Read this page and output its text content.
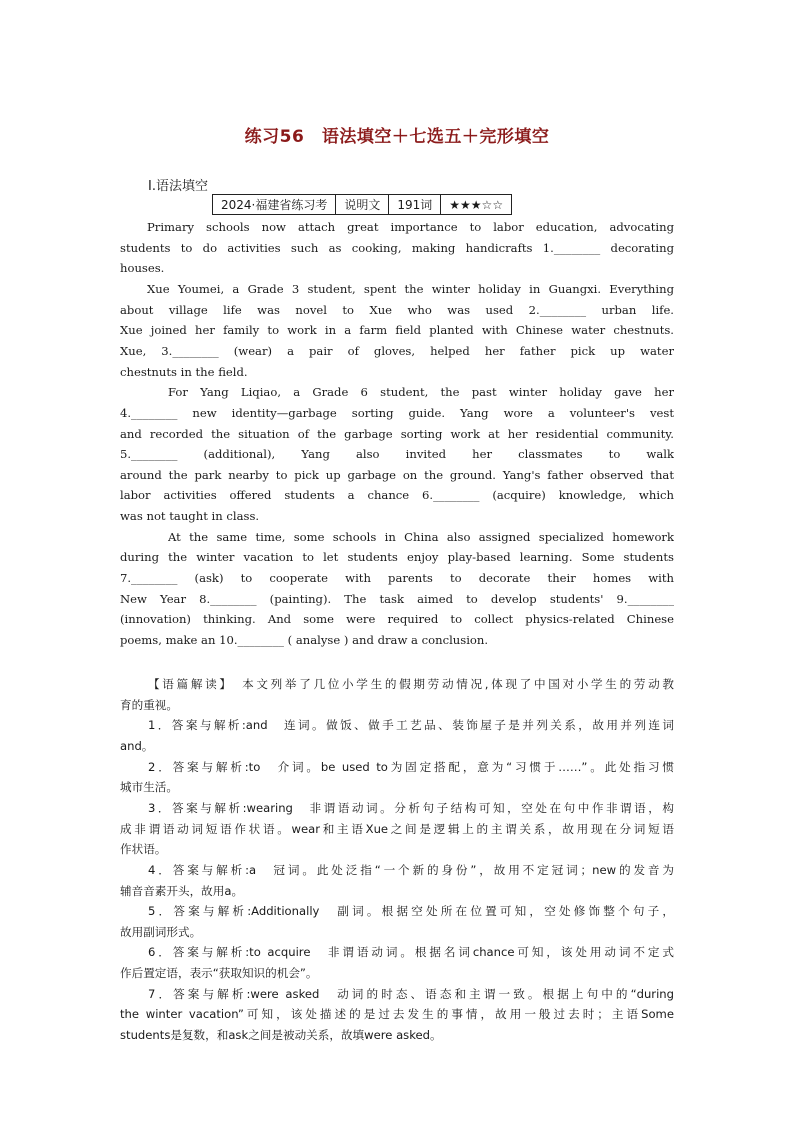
练习56　语法填空＋七选五＋完形填空
Ⅰ.语法填空
2024·福建省练习考	说明文	191词	★★★☆☆
Primary schools now attach great importance to labor education, advocating
students to do activities such as cooking, making handicrafts 1.________ decorating
houses.
Xue Youmei, a Grade 3 student, spent the winter holiday in Guangxi. Everything
about village life was novel to Xue who was used 2.________ urban life.
Xue joined her family to work in a farm field planted with Chinese water chestnuts.
Xue, 3.________ (wear) a pair of gloves, helped her father pick up water
chestnuts in the field.
For Yang Liqiao, a Grade 6 student, the past winter holiday gave her
4.________ new identity—garbage sorting guide. Yang wore a volunteer's vest
and recorded the situation of the garbage sorting work at her residential community.
5.________ (additional), Yang also invited her classmates to walk
around the park nearby to pick up garbage on the ground. Yang's father observed that
labor activities offered students a chance 6.________ (acquire) knowledge, which
was not taught in class.
At the same time, some schools in China also assigned specialized homework
during the winter vacation to let students enjoy play-based learning. Some students
7.________ (ask) to cooperate with parents to decorate their homes with
New Year 8.________ (painting). The task aimed to develop students' 9.________
(innovation) thinking. And some were required to collect physics-related Chinese
poems, make an 10.________ ( analyse ) and draw a conclusion.
【语篇解读】　本文列举了几位小学生的假期劳动情况,体现了中国对小学生的劳动教
育的重视。
1．答案与解析:and　连词。做饭、做手工艺品、装饰屋子是并列关系，故用并列连词
and。
2．答案与解析:to　介词。be used to为固定搭配，意为“习惯于……”。此处指习惯
城市生活。
3．答案与解析:wearing　非谓语动词。分析句子结构可知，空处在句中作非谓语，构
成非谓语动词短语作状语。wear和主语Xue之间是逻辑上的主谓关系，故用现在分词短语
作状语。
4．答案与解析:a　冠词。此处泛指“一个新的身份”，故用不定冠词；new的发音为
辅音音素开头，故用a。
5．答案与解析:Additionally　副词。根据空处所在位置可知，空处修饰整个句子，
故用副词形式。
6．答案与解析:to acquire　非谓语动词。根据名词chance可知，该处用动词不定式
作后置定语，表示“获取知识的机会”。
7．答案与解析:were asked　动词的时态、语态和主谓一致。根据上句中的“during
the winter vacation”可知，该处描述的是过去发生的事情，故用一般过去时；主语Some
students是复数，和ask之间是被动关系，故填were asked。
